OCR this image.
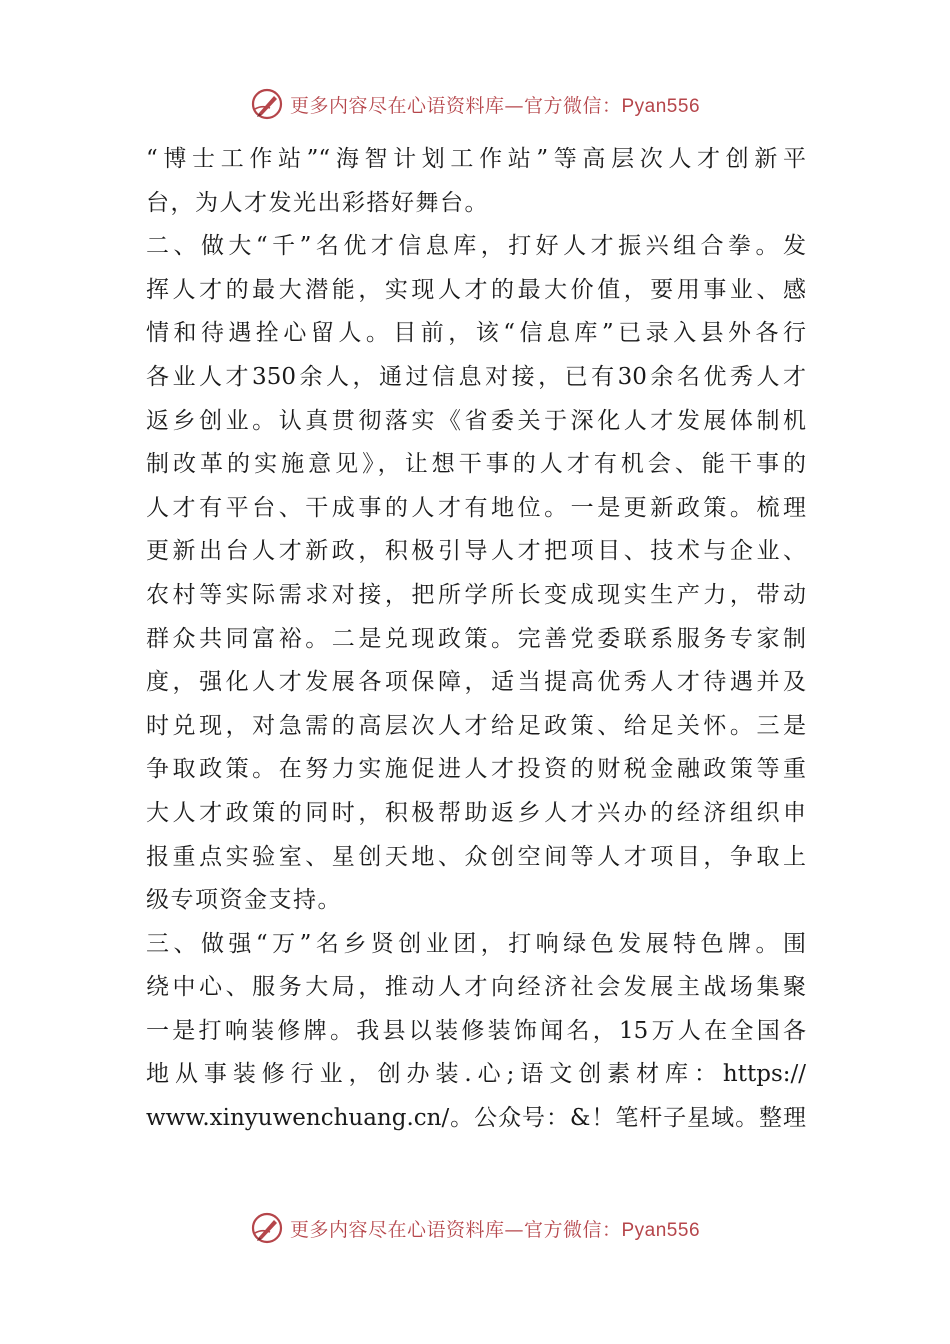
更多内容尽在心语资料库—官方微信：Pyan556
“博士工作站”“海智计划工作站”等高层次人才创新平
台，为人才发光出彩搭好舞台。
二、做大“千”名优才信息库，打好人才振兴组合拳。发
挥人才的最大潜能，实现人才的最大价值，要用事业、感
情和待遇拴心留人。目前，该“信息库”已录入县外各行
各业人才350余人，通过信息对接，已有30余名优秀人才
返乡创业。认真贯彻落实《省委关于深化人才发展体制机
制改革的实施意见》，让想干事的人才有机会、能干事的
人才有平台、干成事的人才有地位。一是更新政策。梳理
更新出台人才新政，积极引导人才把项目、技术与企业、
农村等实际需求对接，把所学所长变成现实生产力，带动
群众共同富裕。二是兑现政策。完善党委联系服务专家制
度，强化人才发展各项保障，适当提高优秀人才待遇并及
时兑现，对急需的高层次人才给足政策、给足关怀。三是
争取政策。在努力实施促进人才投资的财税金融政策等重
大人才政策的同时，积极帮助返乡人才兴办的经济组织申
报重点实验室、星创天地、众创空间等人才项目，争取上
级专项资金支持。
三、做强“万”名乡贤创业团，打响绿色发展特色牌。围
绕中心、服务大局，推动人才向经济社会发展主战场集聚
一是打响装修牌。我县以装修装饰闻名，15万人在全国各
地从事装修行业，创办装.心;语文创素材库：https://
www.xinyuwenchuang.cn/。公众号：&！笔杆子星域。整理
更多内容尽在心语资料库—官方微信：Pyan556
